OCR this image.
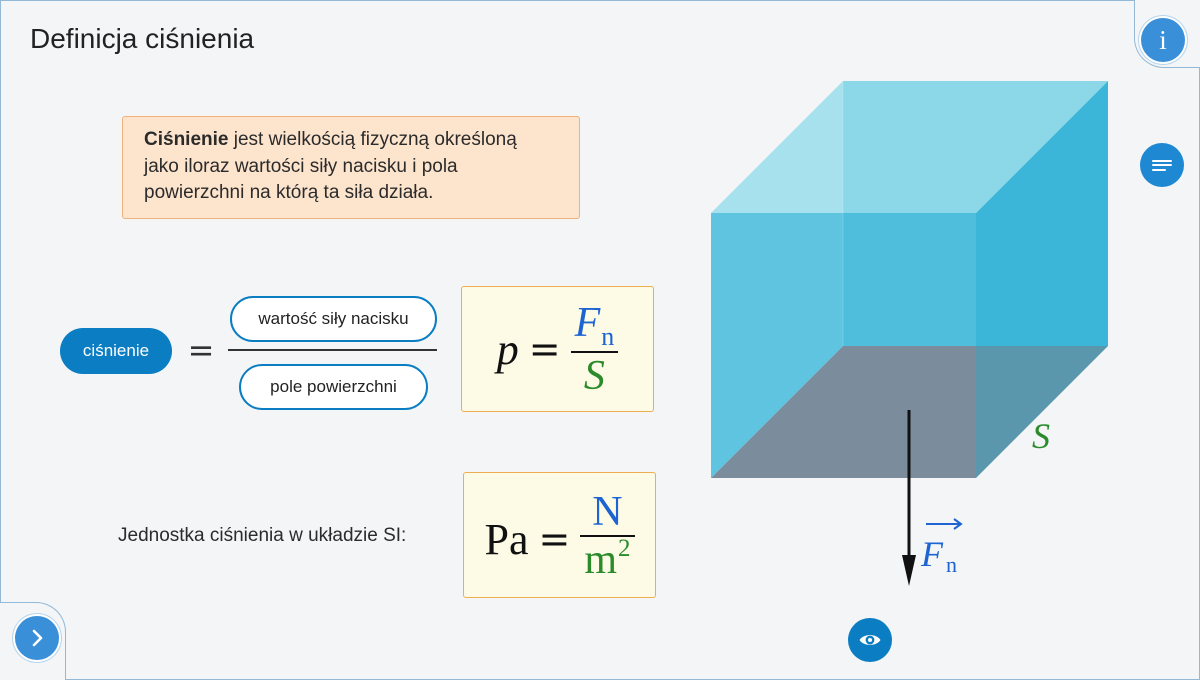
Definicja ciśnienia	i
Ciśnienie jest wielkością fizyczną określoną
jako iloraz wartości siły nacisku i pola
powierzchni na którą ta siła działa.
ciśnienie	=
wartość siły nacisku
pole powierzchni
$p = \frac{F_n}{S}$
Jednostka ciśnienia w układzie SI: $Pa = \frac{N}{m^2}$
S
F n
